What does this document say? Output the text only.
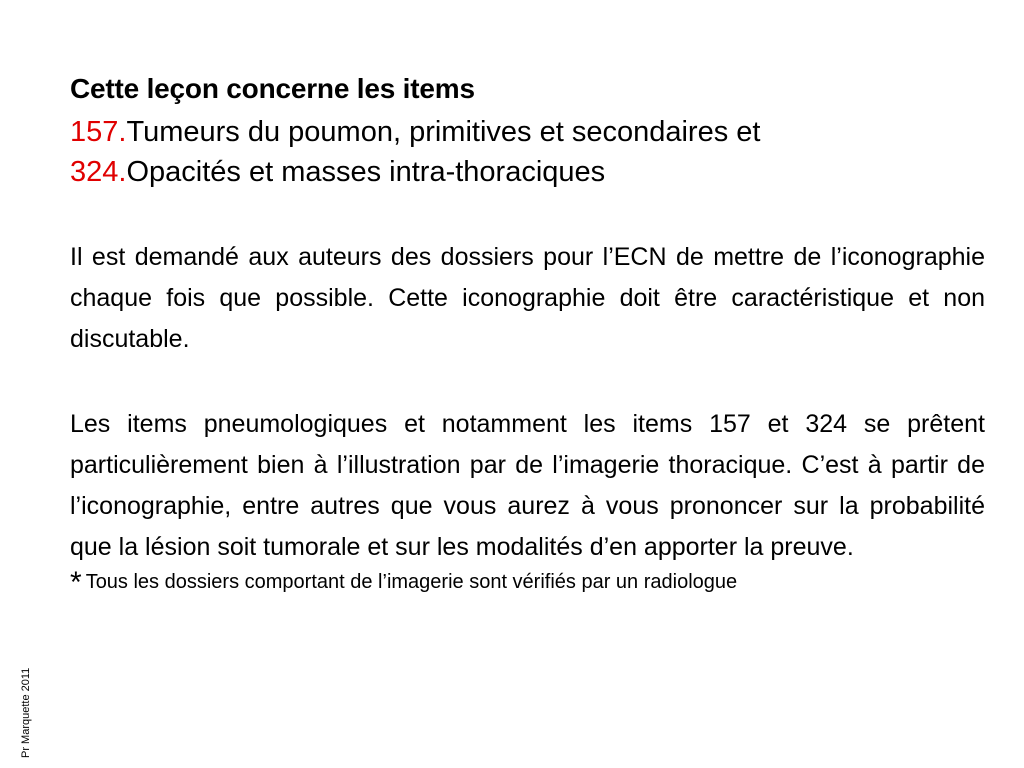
Cette leçon concerne les items

157.Tumeurs du poumon, primitives et secondaires et

324.Opacités et masses intra-thoraciques

Il est demandé aux auteurs des dossiers pour l’ECN de mettre de l’iconographie chaque fois que possible. Cette iconographie doit être caractéristique et non discutable.

Les items pneumologiques et notamment les items 157 et 324 se prêtent particulièrement bien à l’illustration par de l’imagerie thoracique. C’est à partir de l’iconographie, entre autres que vous aurez à vous prononcer sur la probabilité que la lésion soit tumorale et sur les modalités d’en apporter la preuve.

* Tous les dossiers comportant de l’imagerie sont vérifiés par un radiologue

Pr Marquette 2011
